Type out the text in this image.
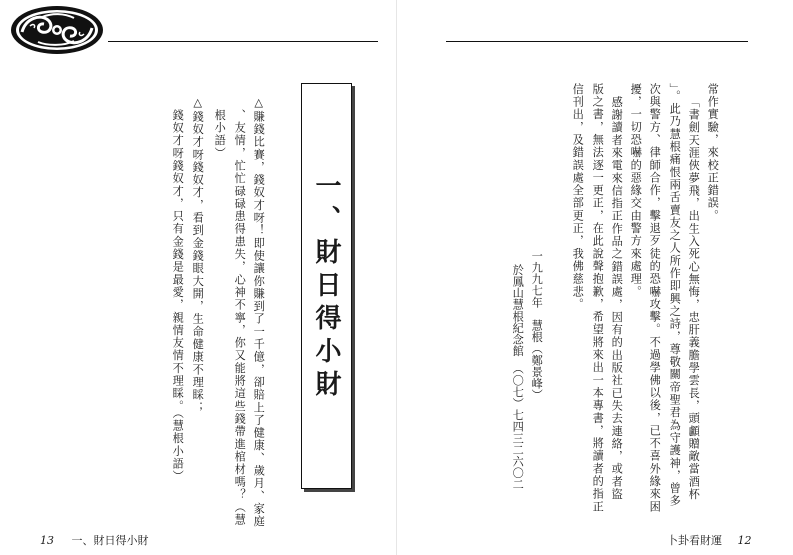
一、財日得小財
△賺錢比賽，錢奴才呀！即使讓你賺到了一千億，卻賠上了健康、歲月、家庭
、友情，忙忙碌碌患得患失，心神不寧，你又能將這些錢帶進棺材嗎？（慧
根小語）
△錢奴才呀錢奴才，看到金錢眼大開，生命健康不理睬；
錢奴才呀錢奴才，只有金錢是最愛，親情友情不理睬。（慧根小語）
13 一、財日得小財
常作實驗，來校正錯誤。
「書劍天涯俠夢飛，出生入死心無悔，忠肝義膽學雲長，頭顱贈敵當酒杯
」。此乃慧根痛恨兩舌賣友之人所作即興之詩，尊敬關帝聖君為守護神，曾多
次與警方、律師合作，擊退歹徒的恐嚇攻擊。不過學佛以後，已不喜外緣來困
擾，一切恐嚇的惡緣交由警方來處理。
感謝讀者來電來信指正作品之錯誤處，因有的出版社已失去連絡，或者盜
版之書，無法逐一更正，在此說聲抱歉，希望將來出一本專書，將讀者的指正
信刊出，及錯誤處全部更正，我佛慈悲。
一九九七年　慧根（鄭景峰）
於鳳山慧根紀念館　（〇七）七四三二六〇二
卜卦看財運 12
